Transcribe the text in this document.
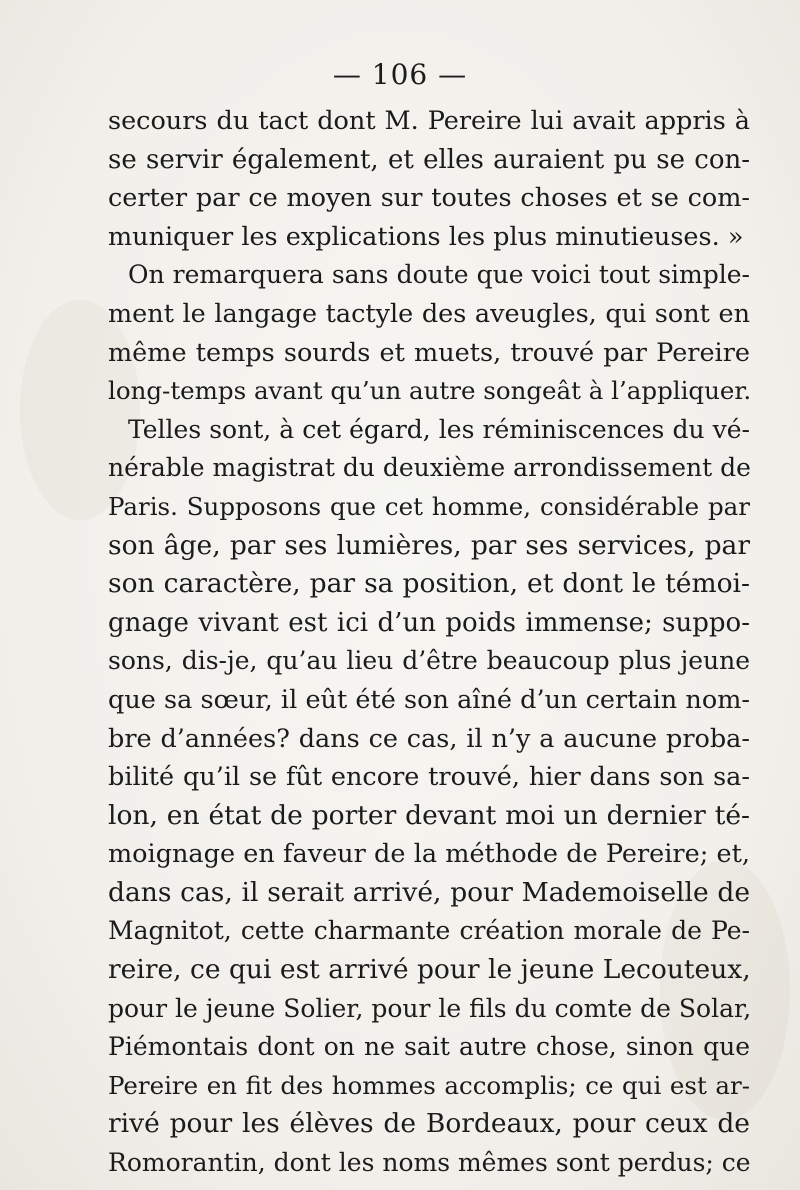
— 106 —
secours du tact dont M. Pereire lui avait appris à
se servir également, et elles auraient pu se con-
certer par ce moyen sur toutes choses et se com-
muniquer les explications les plus minutieuses. »
On remarquera sans doute que voici tout simple-
ment le langage tactyle des aveugles, qui sont en
même temps sourds et muets, trouvé par Pereire
long-temps avant qu’un autre songeât à l’appliquer.
Telles sont, à cet égard, les réminiscences du vé-
nérable magistrat du deuxième arrondissement de
Paris. Supposons que cet homme, considérable par
son âge, par ses lumières, par ses services, par
son caractère, par sa position, et dont le témoi-
gnage vivant est ici d’un poids immense; suppo-
sons, dis-je, qu’au lieu d’être beaucoup plus jeune
que sa sœur, il eût été son aîné d’un certain nom-
bre d’années? dans ce cas, il n’y a aucune proba-
bilité qu’il se fût encore trouvé, hier dans son sa-
lon, en état de porter devant moi un dernier té-
moignage en faveur de la méthode de Pereire; et,
dans cas, il serait arrivé, pour Mademoiselle de
Magnitot, cette charmante création morale de Pe-
reire, ce qui est arrivé pour le jeune Lecouteux,
pour le jeune Solier, pour le fils du comte de Solar,
Piémontais dont on ne sait autre chose, sinon que
Pereire en fit des hommes accomplis; ce qui est ar-
rivé pour les élèves de Bordeaux, pour ceux de
Romorantin, dont les noms mêmes sont perdus; ce
